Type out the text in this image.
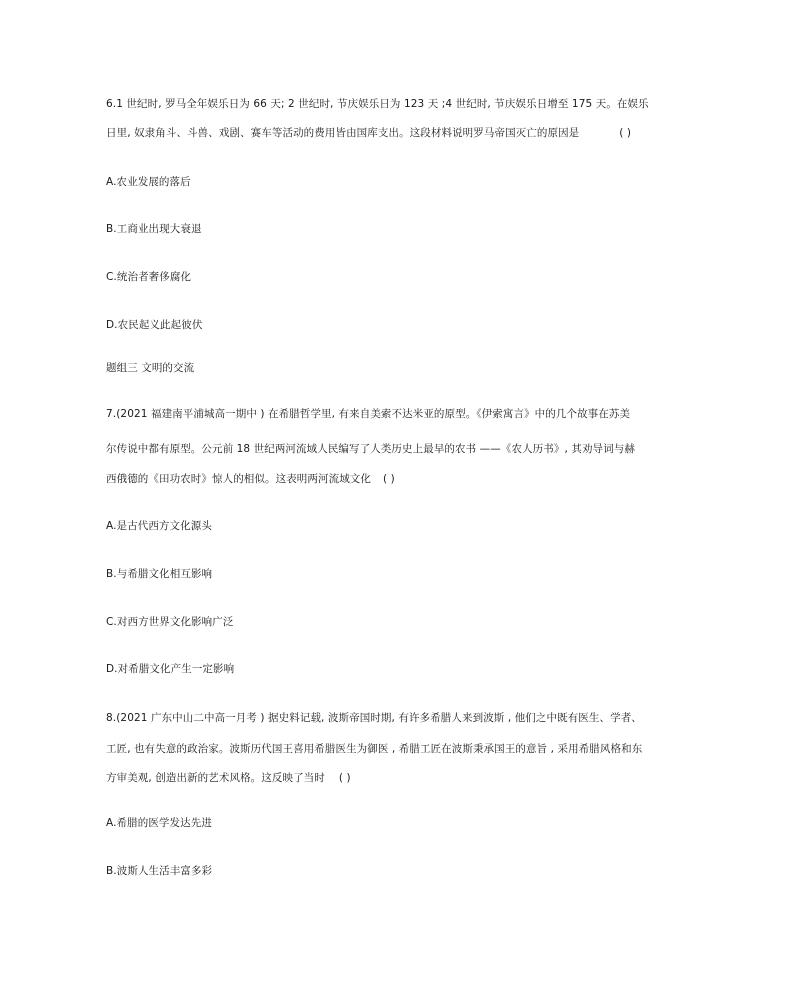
6.1 世纪时, 罗马全年娱乐日为 66 天; 2 世纪时, 节庆娱乐日为 123 天 ;4 世纪时, 节庆娱乐日增至 175 天。在娱乐

日里, 奴隶角斗、斗兽、戏剧、赛车等活动的费用皆由国库支出。这段材料说明罗马帝国灭亡的原因是	( )

A.农业发展的落后

B.工商业出现大衰退

C.统治者奢侈腐化

D.农民起义此起彼伏

题组三 文明的交流

7.(2021 福建南平浦城高一期中 ) 在希腊哲学里, 有来自美索不达米亚的原型。《伊索寓言》中的几个故事在苏美

尔传说中都有原型。公元前 18 世纪两河流域人民编写了人类历史上最早的农书 ——《农人历书》, 其劝导词与赫

西俄德的《田功农时》惊人的相似。这表明两河流域文化 ( )

A.是古代西方文化源头

B.与希腊文化相互影响

C.对西方世界文化影响广泛

D.对希腊文化产生一定影响

8.(2021 广东中山二中高一月考 ) 据史料记载, 波斯帝国时期, 有许多希腊人来到波斯 , 他们之中既有医生、学者、

工匠, 也有失意的政治家。波斯历代国王喜用希腊医生为御医 , 希腊工匠在波斯秉承国王的意旨 , 采用希腊风格和东

方审美观, 创造出新的艺术风格。这反映了当时 ( )

A.希腊的医学发达先进

B.波斯人生活丰富多彩
